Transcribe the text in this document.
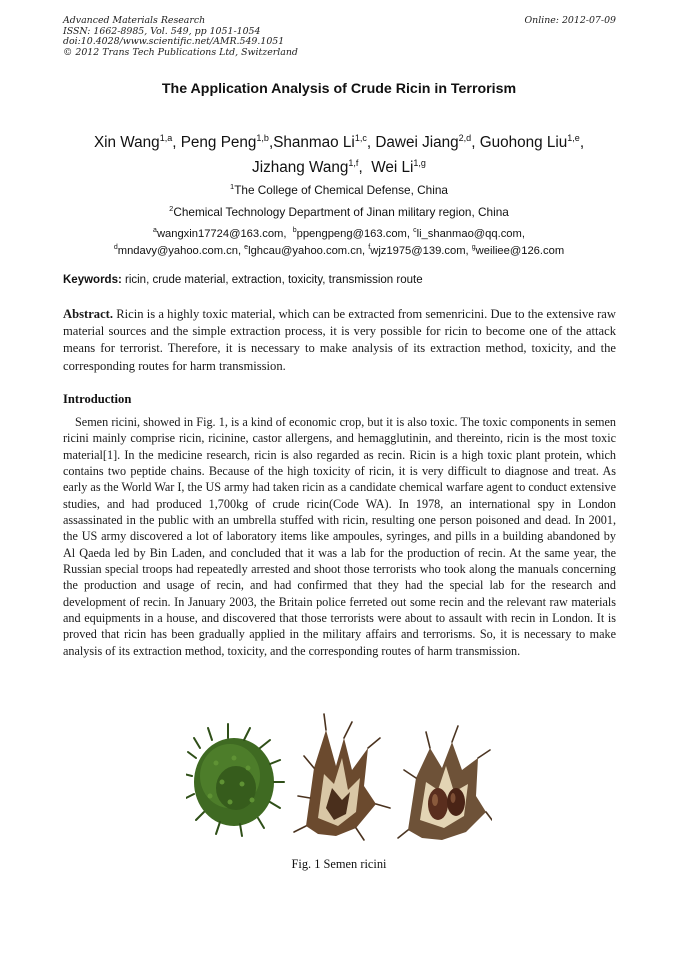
Advanced Materials Research
ISSN: 1662-8985, Vol. 549, pp 1051-1054
doi:10.4028/www.scientific.net/AMR.549.1051
© 2012 Trans Tech Publications Ltd, Switzerland
Online: 2012-07-09
The Application Analysis of Crude Ricin in Terrorism
Xin Wang$^{1,a}$, Peng Peng$^{1,b}$,Shanmao Li$^{1,c}$, Dawei Jiang$^{2,d}$, Guohong Liu$^{1,e}$,
Jizhang Wang$^{1,f}$,  Wei Li$^{1,g}$
$^1$The College of Chemical Defense, China
$^2$Chemical Technology Department of Jinan military region, China
$^a$wangxin17724@163.com, $^b$ppengpeng@163.com, $^c$li_shanmao@qq.com,
$^d$mndavy@yahoo.com.cn, $^e$lghcau@yahoo.com.cn, $^f$wjz1975@139.com, $^g$weiliee@126.com
Keywords: ricin, crude material, extraction, toxicity, transmission route
Abstract. Ricin is a highly toxic material, which can be extracted from semenricini. Due to the extensive raw material sources and the simple extraction process, it is very possible for ricin to become one of the attack means for terrorist. Therefore, it is necessary to make analysis of its extraction method, toxicity, and the corresponding routes for harm transmission.
Introduction
Semen ricini, showed in Fig. 1, is a kind of economic crop, but it is also toxic. The toxic components in semen ricini mainly comprise ricin, ricinine, castor allergens, and hemagglutinin, and thereinto, ricin is the most toxic material[1]. In the medicine research, ricin is also regarded as recin. Ricin is a high toxic plant protein, which contains two peptide chains. Because of the high toxicity of ricin, it is very difficult to diagnose and treat. As early as the World War I, the US army had taken ricin as a candidate chemical warfare agent to conduct extensive studies, and had produced 1,700kg of crude ricin(Code WA). In 1978, an international spy in London assassinated in the public with an umbrella stuffed with ricin, resulting one person poisoned and dead. In 2001, the US army discovered a lot of laboratory items like ampoules, syringes, and pills in a building abandoned by Al Qaeda led by Bin Laden, and concluded that it was a lab for the production of recin. At the same year, the Russian special troops had repeatedly arrested and shoot those terrorists who took along the manuals concerning the production and usage of recin, and had confirmed that they had the special lab for the research and development of recin. In January 2003, the Britain police ferreted out some recin and the relevant raw materials and equipments in a house, and discovered that those terrorists were about to assault with recin in London. It is proved that ricin has been gradually applied in the military affairs and terrorisms. So, it is necessary to make analysis of its extraction method, toxicity, and the corresponding routes of harm transmission.
Fig. 1 Semen ricini
